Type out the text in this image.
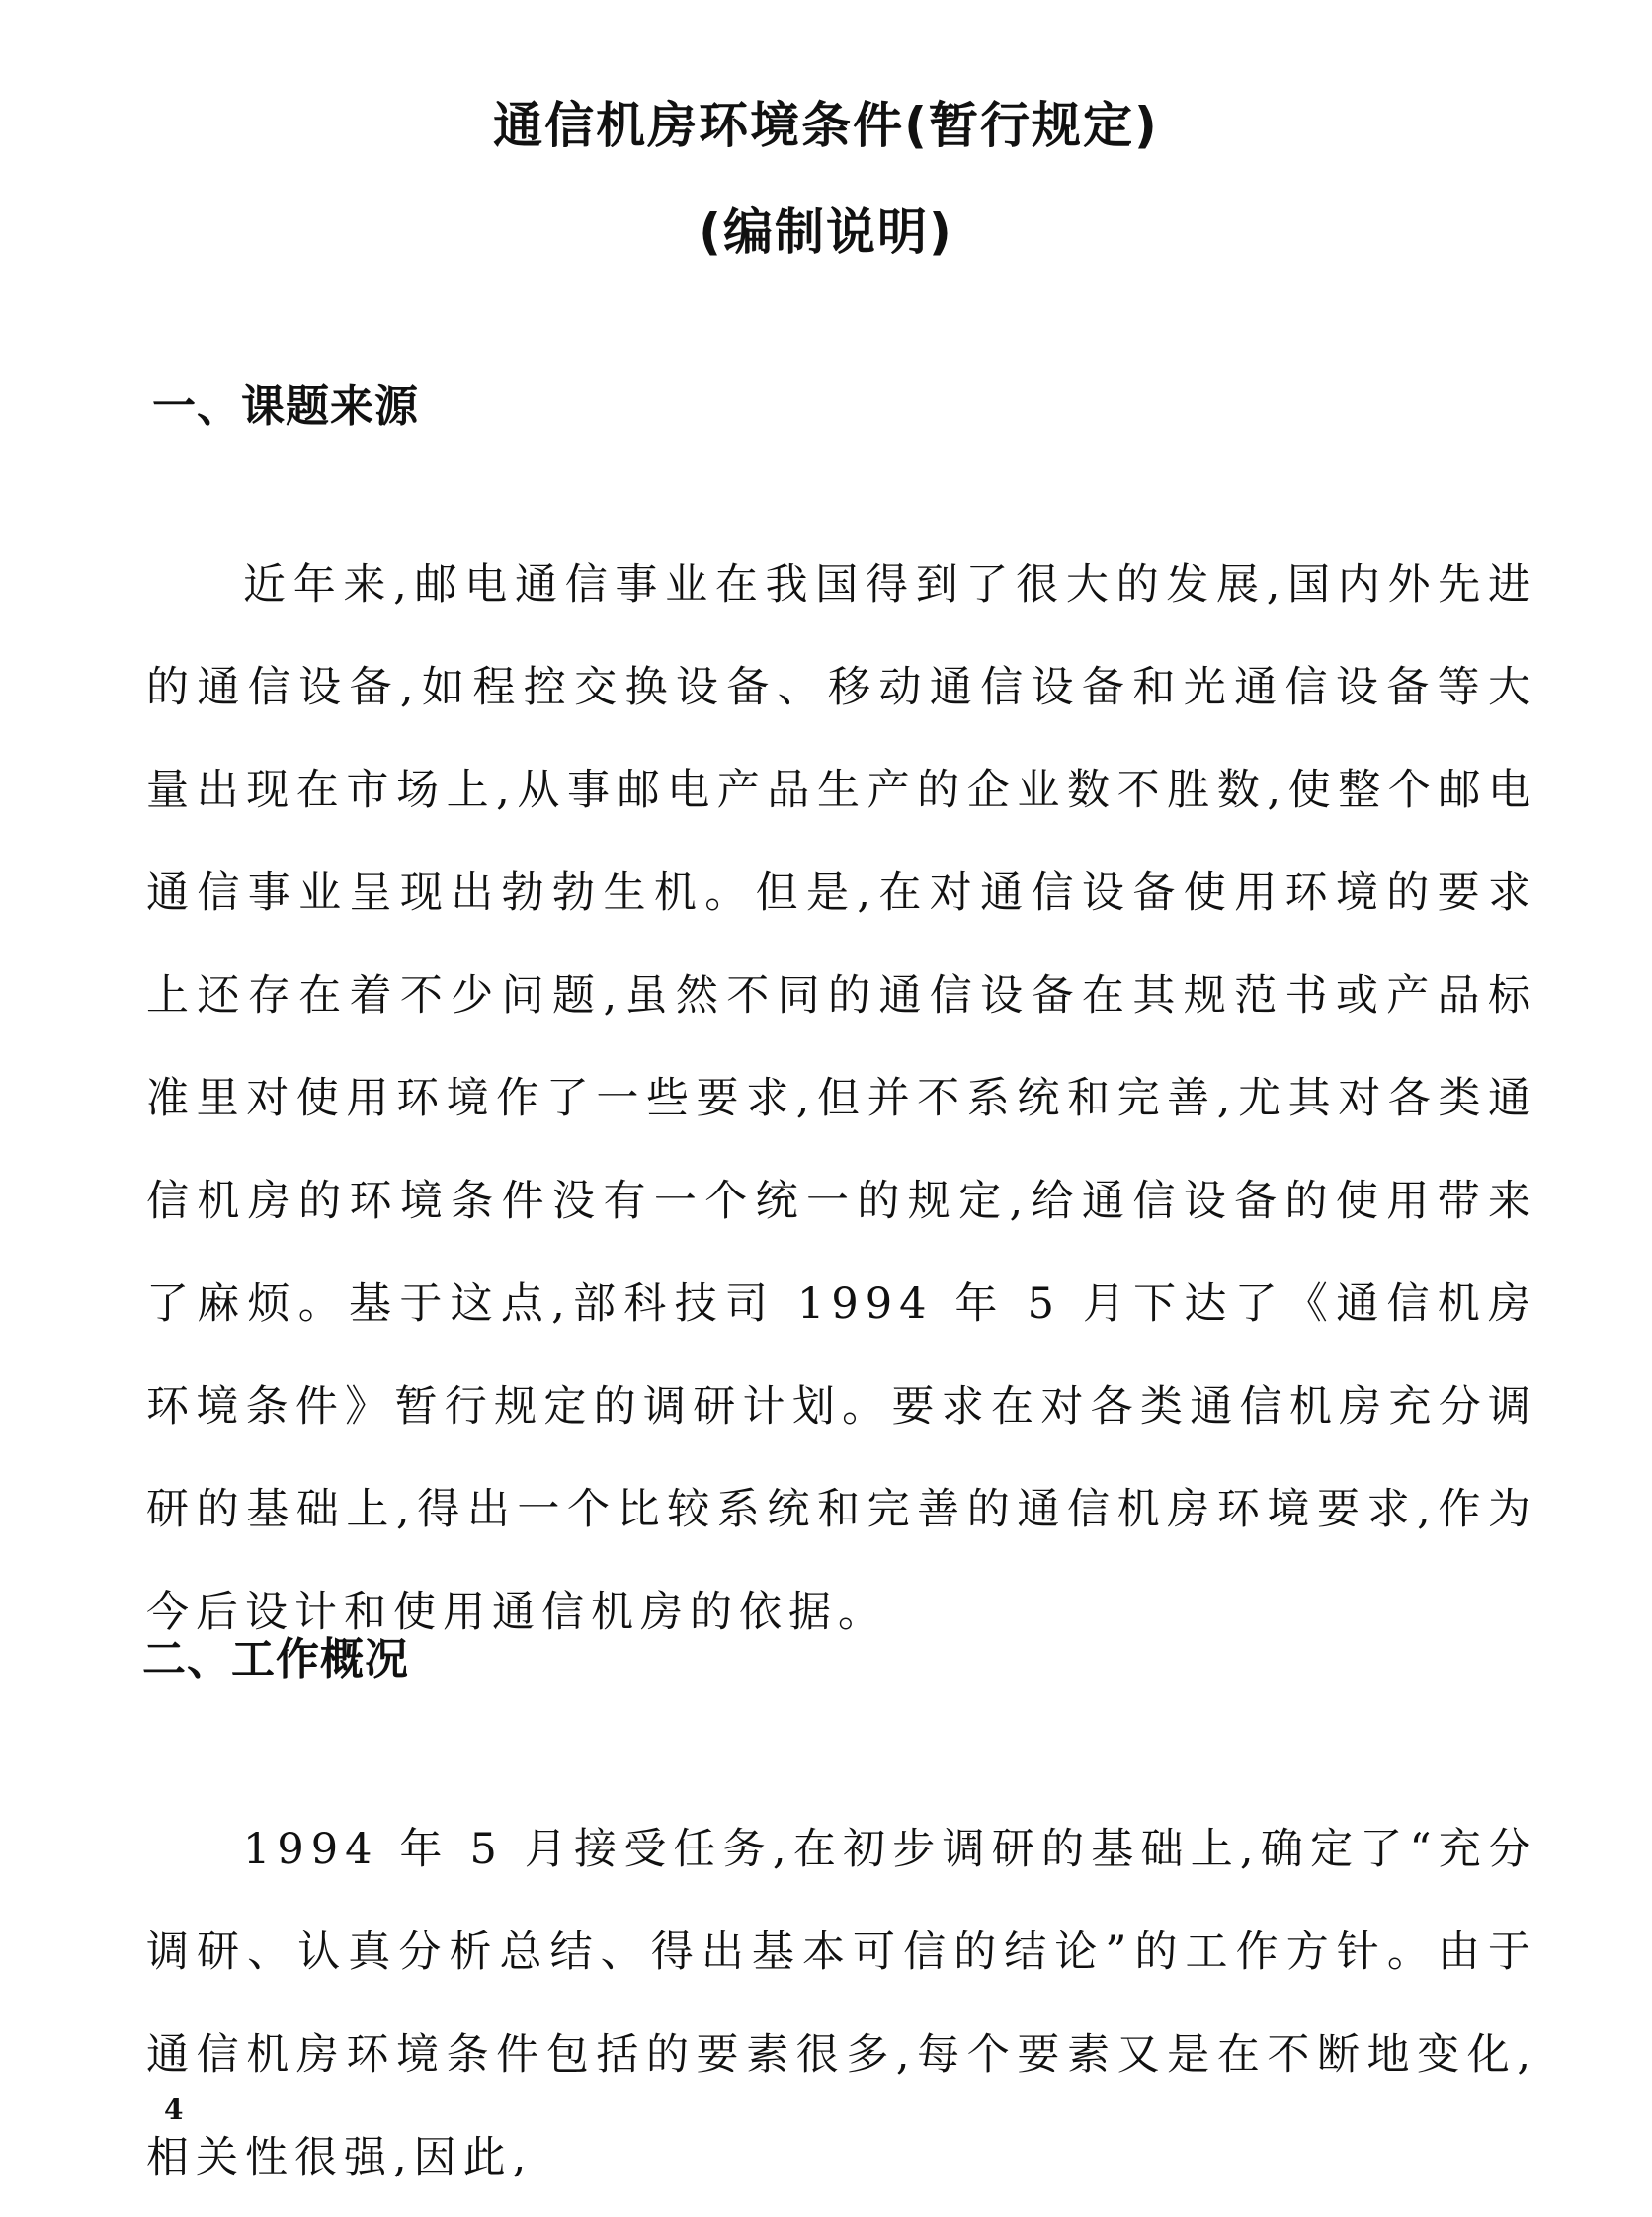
通信机房环境条件(暂行规定)
(编制说明)
一、课题来源

近年来,邮电通信事业在我国得到了很大的发展,国内外先进的通信设备,如程控交换设备、移动通信设备和光通信设备等大量出现在市场上,从事邮电产品生产的企业数不胜数,使整个邮电通信事业呈现出勃勃生机。但是,在对通信设备使用环境的要求上还存在着不少问题,虽然不同的通信设备在其规范书或产品标准里对使用环境作了一些要求,但并不系统和完善,尤其对各类通信机房的环境条件没有一个统一的规定,给通信设备的使用带来了麻烦。基于这点,部科技司 1994 年 5 月下达了《通信机房环境条件》暂行规定的调研计划。要求在对各类通信机房充分调研的基础上,得出一个比较系统和完善的通信机房环境要求,作为今后设计和使用通信机房的依据。

二、工作概况

1994 年 5 月接受任务,在初步调研的基础上,确定了“充分调研、认真分析总结、得出基本可信的结论”的工作方针。由于通信机房环境条件包括的要素很多,每个要素又是在不断地变化,相关性很强,因此,

4
